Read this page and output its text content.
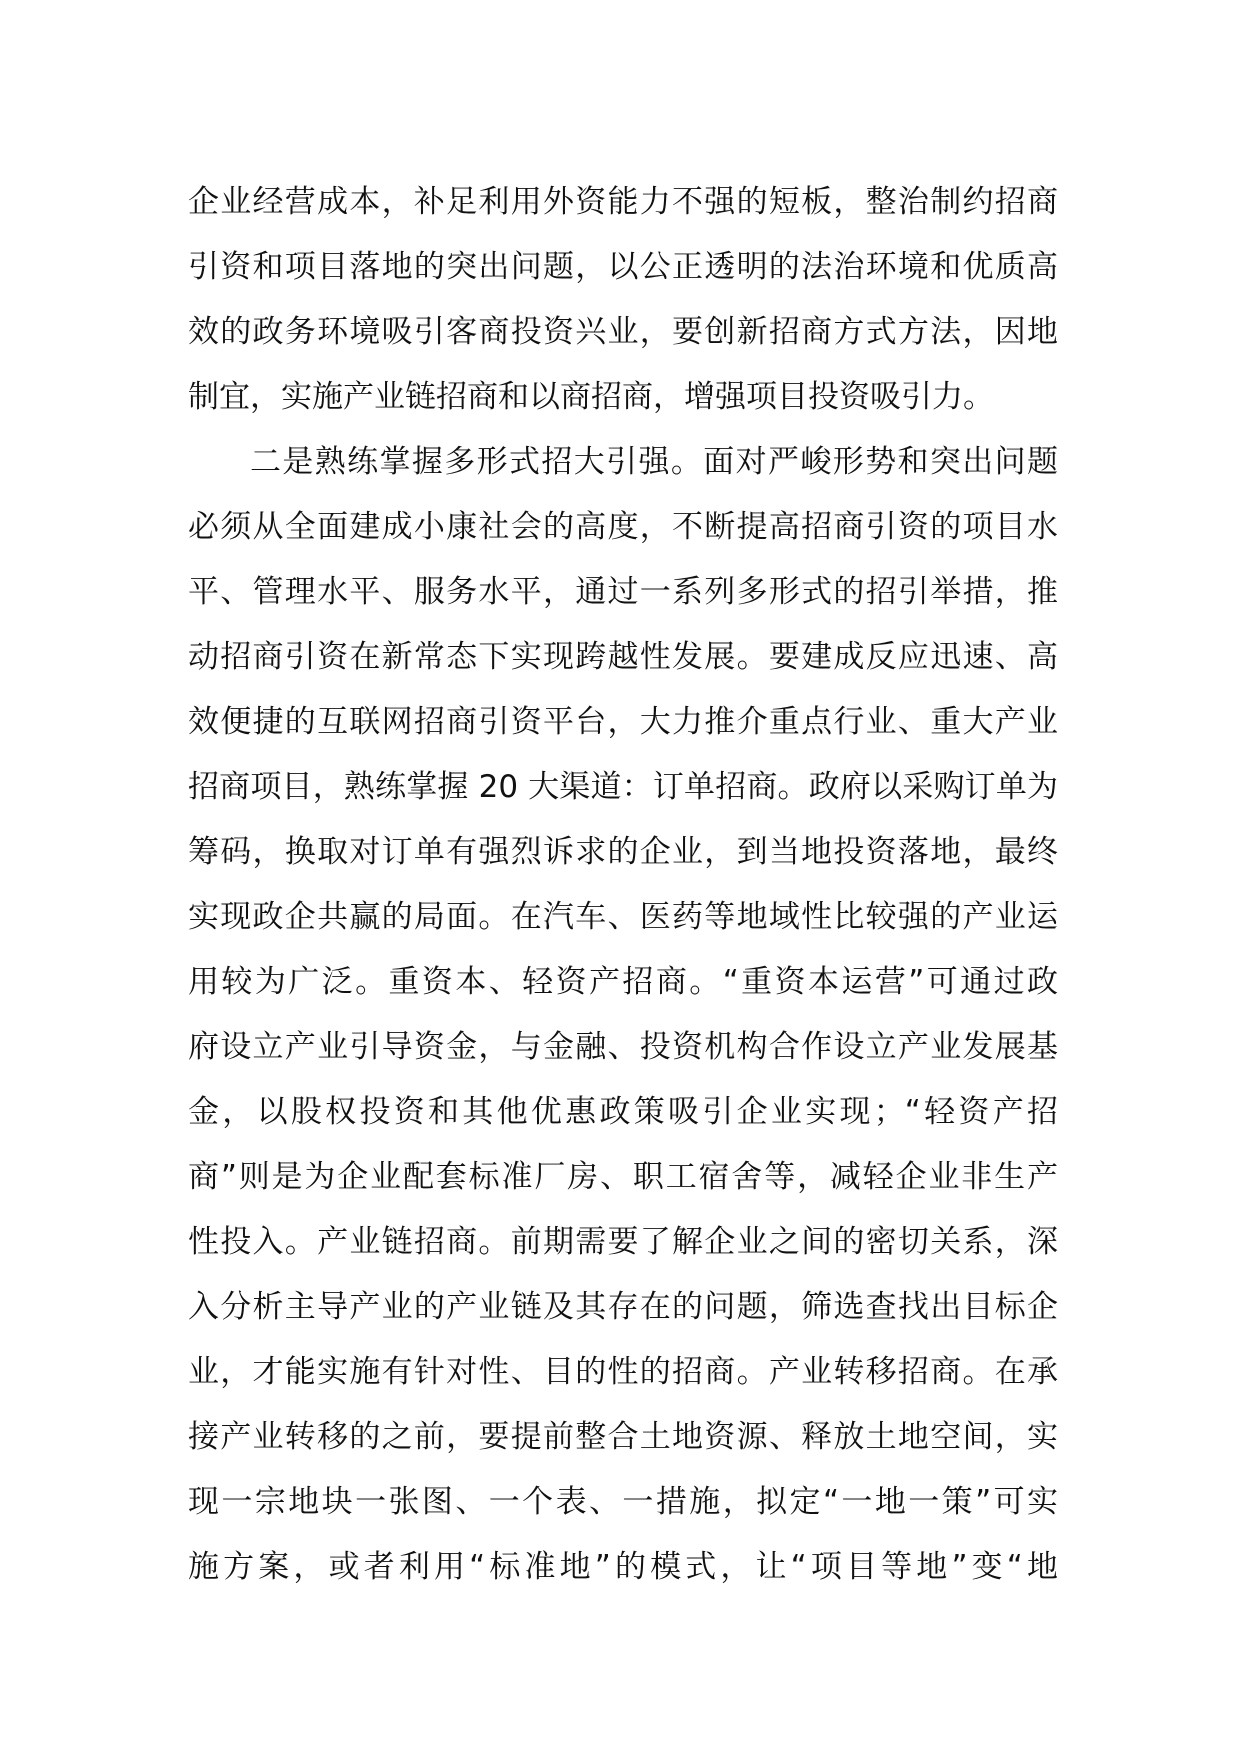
企业经营成本，补足利用外资能力不强的短板，整治制约招商
引资和项目落地的突出问题，以公正透明的法治环境和优质高
效的政务环境吸引客商投资兴业，要创新招商方式方法，因地
制宜，实施产业链招商和以商招商，增强项目投资吸引力。
二是熟练掌握多形式招大引强。面对严峻形势和突出问题
必须从全面建成小康社会的高度，不断提高招商引资的项目水
平、管理水平、服务水平，通过一系列多形式的招引举措，推
动招商引资在新常态下实现跨越性发展。要建成反应迅速、高
效便捷的互联网招商引资平台，大力推介重点行业、重大产业
招商项目，熟练掌握 20 大渠道：订单招商。政府以采购订单为
筹码，换取对订单有强烈诉求的企业，到当地投资落地，最终
实现政企共赢的局面。在汽车、医药等地域性比较强的产业运
用较为广泛。重资本、轻资产招商。“重资本运营”可通过政
府设立产业引导资金，与金融、投资机构合作设立产业发展基
金，以股权投资和其他优惠政策吸引企业实现；“轻资产招
商”则是为企业配套标准厂房、职工宿舍等，减轻企业非生产
性投入。产业链招商。前期需要了解企业之间的密切关系，深
入分析主导产业的产业链及其存在的问题，筛选查找出目标企
业，才能实施有针对性、目的性的招商。产业转移招商。在承
接产业转移的之前，要提前整合土地资源、释放土地空间，实
现一宗地块一张图、一个表、一措施，拟定“一地一策”可实
施方案，或者利用“标准地”的模式，让“项目等地”变“地
